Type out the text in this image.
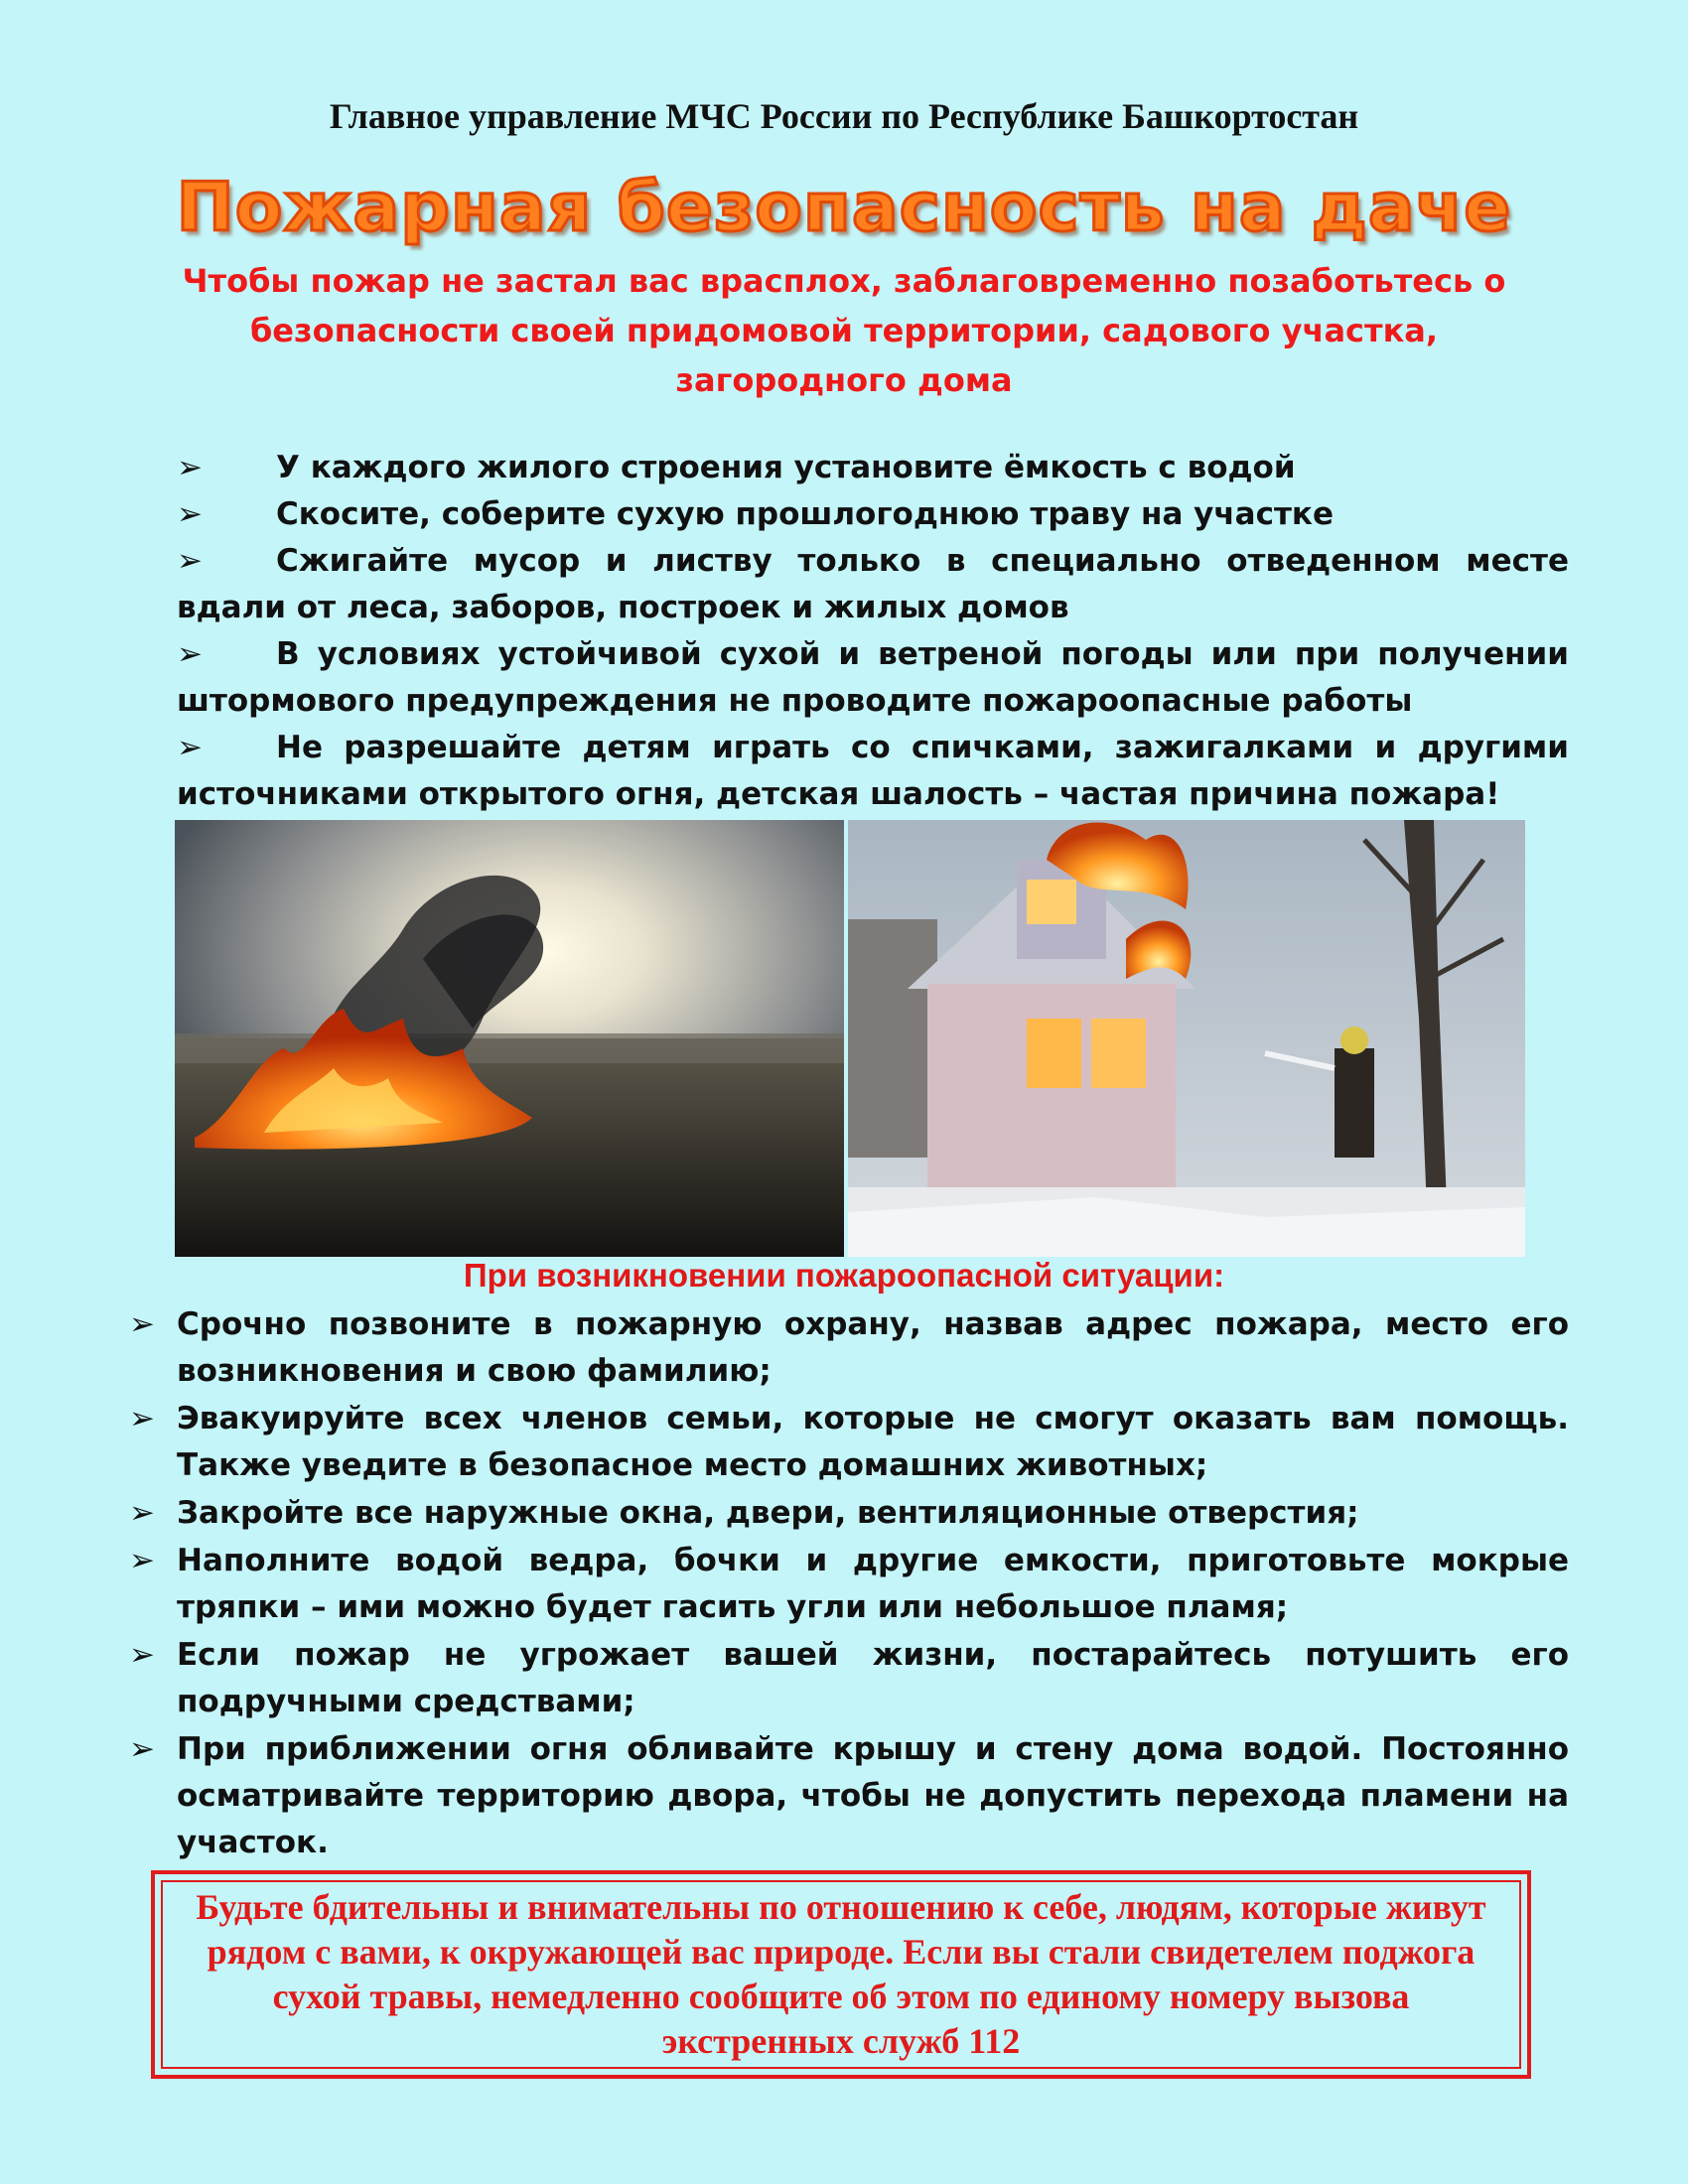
Главное управление МЧС России по Республике Башкортостан
Пожарная безопасность на даче
Чтобы пожар не застал вас врасплох, заблаговременно позаботьтесь о безопасности своей придомовой территории, садового участка, загородного дома
➢ У каждого жилого строения установите ёмкость с водой
➢ Скосите, соберите сухую прошлогоднюю траву на участке
➢ Сжигайте мусор и листву только в специально отведенном месте вдали от леса, заборов, построек и жилых домов
➢ В условиях устойчивой сухой и ветреной погоды или при получении штормового предупреждения не проводите пожароопасные работы
➢ Не разрешайте детям играть со спичками, зажигалками и другими источниками открытого огня, детская шалость – частая причина пожара!
При возникновении пожароопасной ситуации:
➢ Срочно позвоните в пожарную охрану, назвав адрес пожара, место его возникновения и свою фамилию;
➢ Эвакуируйте всех членов семьи, которые не смогут оказать вам помощь. Также уведите в безопасное место домашних животных;
➢ Закройте все наружные окна, двери, вентиляционные отверстия;
➢ Наполните водой ведра, бочки и другие емкости, приготовьте мокрые тряпки – ими можно будет гасить угли или небольшое пламя;
➢ Если пожар не угрожает вашей жизни, постарайтесь потушить его подручными средствами;
➢ При приближении огня обливайте крышу и стену дома водой. Постоянно осматривайте территорию двора, чтобы не допустить перехода пламени на участок.
Будьте бдительны и внимательны по отношению к себе, людям, которые живут рядом с вами, к окружающей вас природе. Если вы стали свидетелем поджога сухой травы, немедленно сообщите об этом по единому номеру вызова экстренных служб 112
